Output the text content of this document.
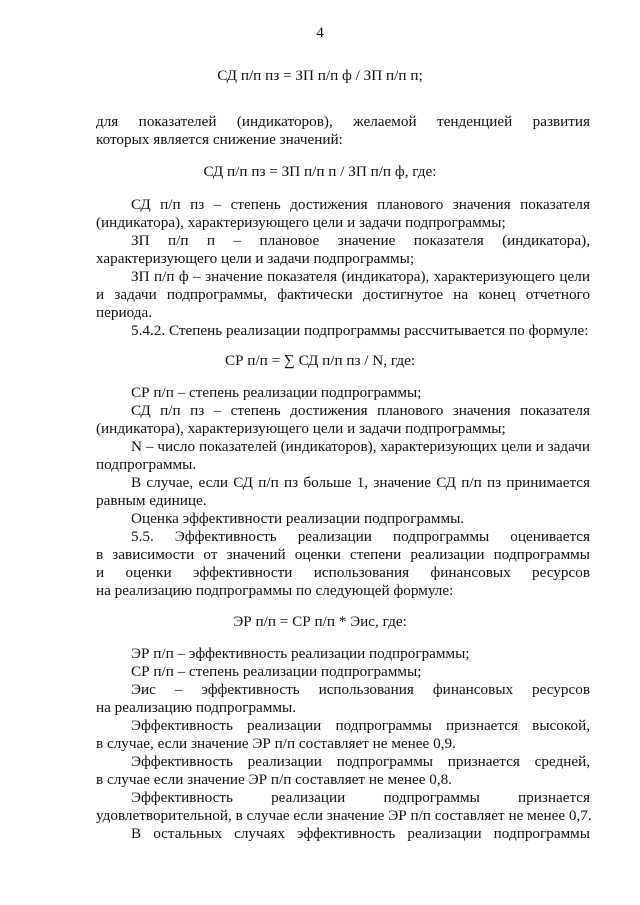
4
СД п/п пз = ЗП п/п ф / ЗП п/п п;
для показателей (индикаторов), желаемой тенденцией развития
которых является снижение значений:
СД п/п пз = ЗП п/п п / ЗП п/п ф, где:
СД п/п пз – степень достижения планового значения показателя
(индикатора), характеризующего цели и задачи подпрограммы;
ЗП п/п п – плановое значение показателя (индикатора),
характеризующего цели и задачи подпрограммы;
ЗП п/п ф – значение показателя (индикатора), характеризующего цели
и задачи подпрограммы, фактически достигнутое на конец отчетного
периода.
5.4.2. Степень реализации подпрограммы рассчитывается по формуле:
СР п/п = ∑ СД п/п пз / N, где:
СР п/п – степень реализации подпрограммы;
СД п/п пз – степень достижения планового значения показателя
(индикатора), характеризующего цели и задачи подпрограммы;
N – число показателей (индикаторов), характеризующих цели и задачи
подпрограммы.
В случае, если СД п/п пз больше 1, значение СД п/п пз принимается
равным единице.
Оценка эффективности реализации подпрограммы.
5.5. Эффективность реализации подпрограммы оценивается
в зависимости от значений оценки степени реализации подпрограммы
и оценки эффективности использования финансовых ресурсов
на реализацию подпрограммы по следующей формуле:
ЭР п/п = СР п/п * Эис, где:
ЭР п/п – эффективность реализации подпрограммы;
СР п/п – степень реализации подпрограммы;
Эис – эффективность использования финансовых ресурсов
на реализацию подпрограммы.
Эффективность реализации подпрограммы признается высокой,
в случае, если значение ЭР п/п составляет не менее 0,9.
Эффективность реализации подпрограммы признается средней,
в случае если значение ЭР п/п составляет не менее 0,8.
Эффективность реализации подпрограммы признается
удовлетворительной, в случае если значение ЭР п/п составляет не менее 0,7.
В остальных случаях эффективность реализации подпрограммы
